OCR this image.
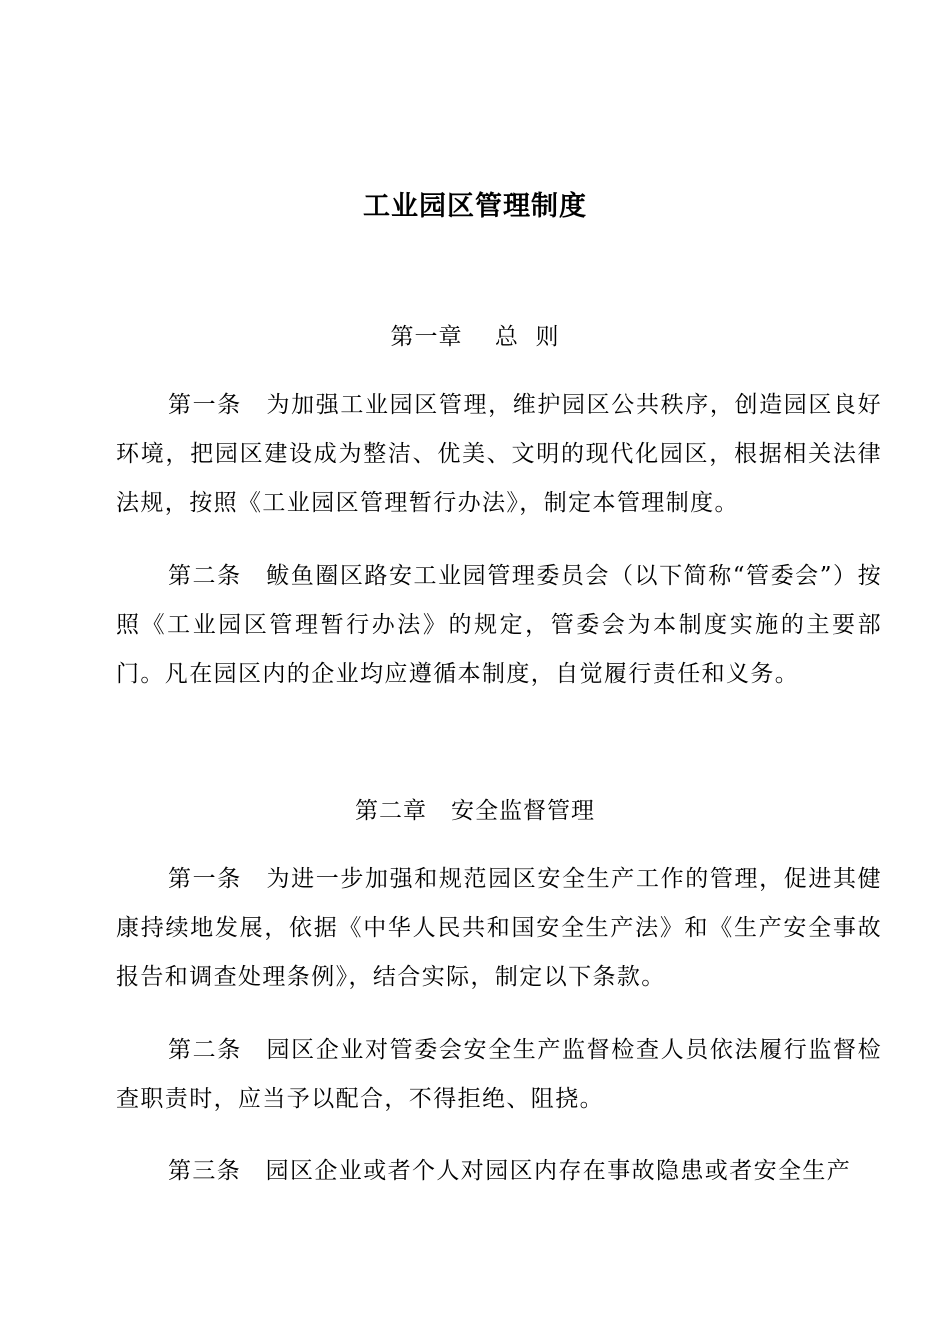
工业园区管理制度
第一章　 总  则

第一条　为加强工业园区管理，维护园区公共秩序，创造园区良好环境，把园区建设成为整洁、优美、文明的现代化园区，根据相关法律法规，按照《工业园区管理暂行办法》，制定本管理制度。

第二条　鲅鱼圈区路安工业园管理委员会（以下简称“管委会”）按照《工业园区管理暂行办法》的规定，管委会为本制度实施的主要部门。凡在园区内的企业均应遵循本制度，自觉履行责任和义务。

第二章　安全监督管理

第一条　为进一步加强和规范园区安全生产工作的管理，促进其健康持续地发展，依据《中华人民共和国安全生产法》和《生产安全事故报告和调查处理条例》，结合实际，制定以下条款。

第二条　园区企业对管委会安全生产监督检查人员依法履行监督检查职责时，应当予以配合，不得拒绝、阻挠。

第三条　园区企业或者个人对园区内存在事故隐患或者安全生产
